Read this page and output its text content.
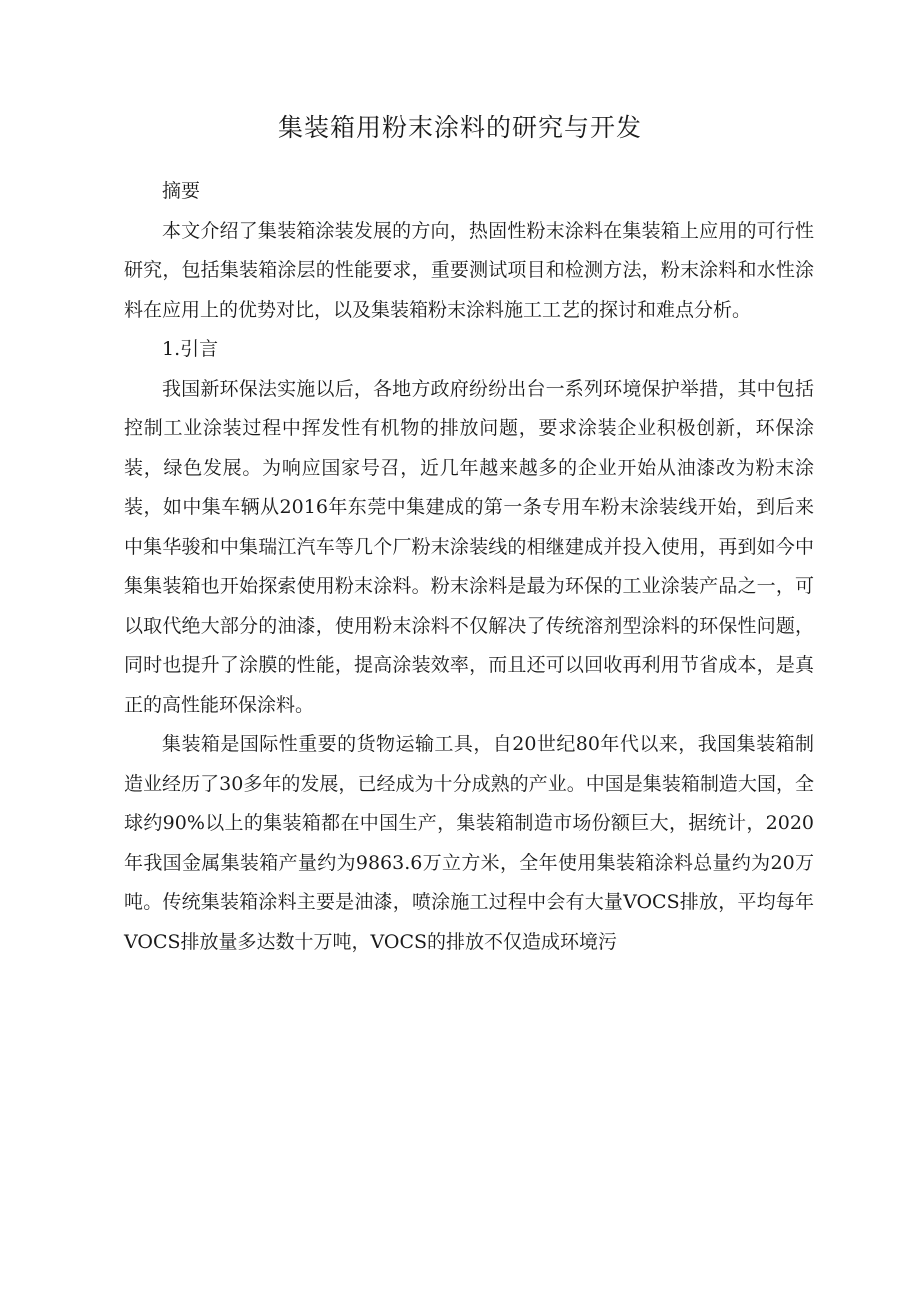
集装箱用粉末涂料的研究与开发

摘要

本文介绍了集装箱涂装发展的方向，热固性粉末涂料在集装箱上应用的可行性研究，包括集装箱涂层的性能要求，重要测试项目和检测方法，粉末涂料和水性涂料在应用上的优势对比，以及集装箱粉末涂料施工工艺的探讨和难点分析。

1.引言

我国新环保法实施以后，各地方政府纷纷出台一系列环境保护举措，其中包括控制工业涂装过程中挥发性有机物的排放问题，要求涂装企业积极创新，环保涂装，绿色发展。为响应国家号召，近几年越来越多的企业开始从油漆改为粉末涂装，如中集车辆从2016年东莞中集建成的第一条专用车粉末涂装线开始，到后来中集华骏和中集瑞江汽车等几个厂粉末涂装线的相继建成并投入使用，再到如今中集集装箱也开始探索使用粉末涂料。粉末涂料是最为环保的工业涂装产品之一，可以取代绝大部分的油漆，使用粉末涂料不仅解决了传统溶剂型涂料的环保性问题，同时也提升了涂膜的性能，提高涂装效率，而且还可以回收再利用节省成本，是真正的高性能环保涂料。

集装箱是国际性重要的货物运输工具，自20世纪80年代以来，我国集装箱制造业经历了30多年的发展，已经成为十分成熟的产业。中国是集装箱制造大国，全球约90%以上的集装箱都在中国生产，集装箱制造市场份额巨大，据统计，2020年我国金属集装箱产量约为9863.6万立方米，全年使用集装箱涂料总量约为20万吨。传统集装箱涂料主要是油漆，喷涂施工过程中会有大量VOCS排放，平均每年VOCS排放量多达数十万吨，VOCS的排放不仅造成环境污
